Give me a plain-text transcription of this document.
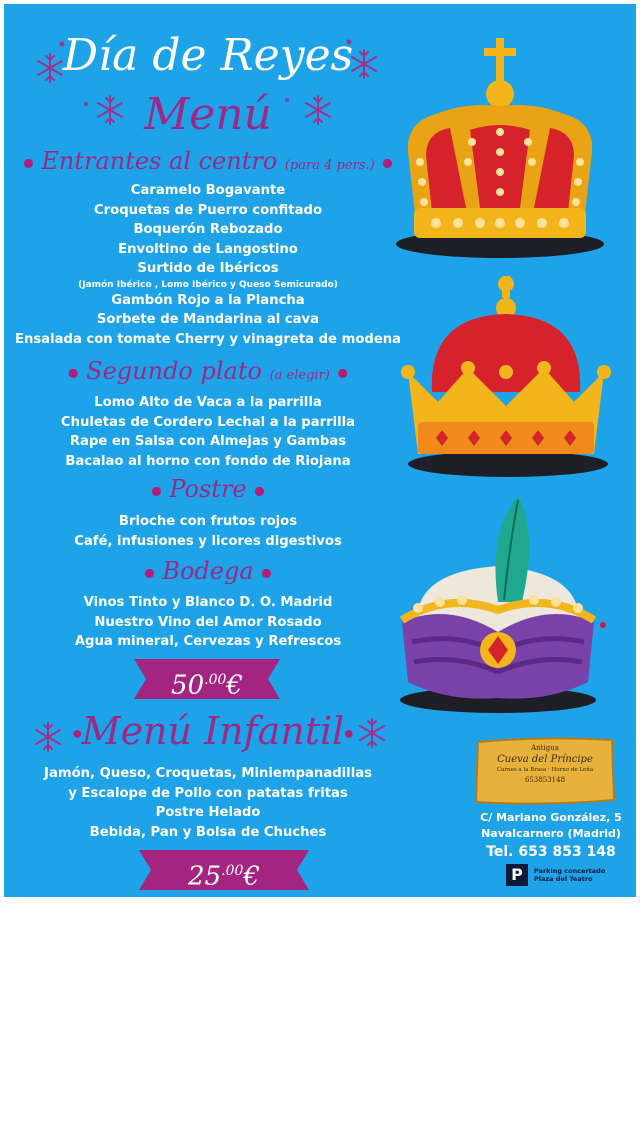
Día de Reyes
Menú
● Entrantes al centro (para 4 pers.) ●
Caramelo Bogavante
Croquetas de Puerro confitado
Boquerón Rebozado
Envoltino de Langostino
Surtido de Ibéricos
(Jamón Ibérico , Lomo Ibérico y Queso Semicurado)
Gambón Rojo a la Plancha
Sorbete de Mandarina al cava
Ensalada con tomate Cherry y vinagreta de modena
● Segundo plato (a elegir) ●
Lomo Alto de Vaca a la parrilla
Chuletas de Cordero Lechal a la parrilla
Rape en Salsa con Almejas y Gambas
Bacalao al horno con fondo de Riojana
● Postre ●
Brioche con frutos rojos
Café, infusiones y licores digestivos
● Bodega ●
Vinos Tinto y Blanco D. O. Madrid
Nuestro Vino del Amor Rosado
Agua mineral, Cervezas y Refrescos
$50^{.00}€$
●Menú Infantil●
Jamón, Queso, Croquetas, Miniempanadillas
y Escalope de Pollo con patatas fritas
Postre Helado
Bebida, Pan y Bolsa de Chuches
$25^{.00}€$
Antigua
Cueva del Príncipe
Carnes a la Brasa · Horno de Leña
653853148
C/ Mariano González, 5
Navalcarnero (Madrid)
Tel. 653 853 148
P	Parking concertado
Plaza del Teatro
